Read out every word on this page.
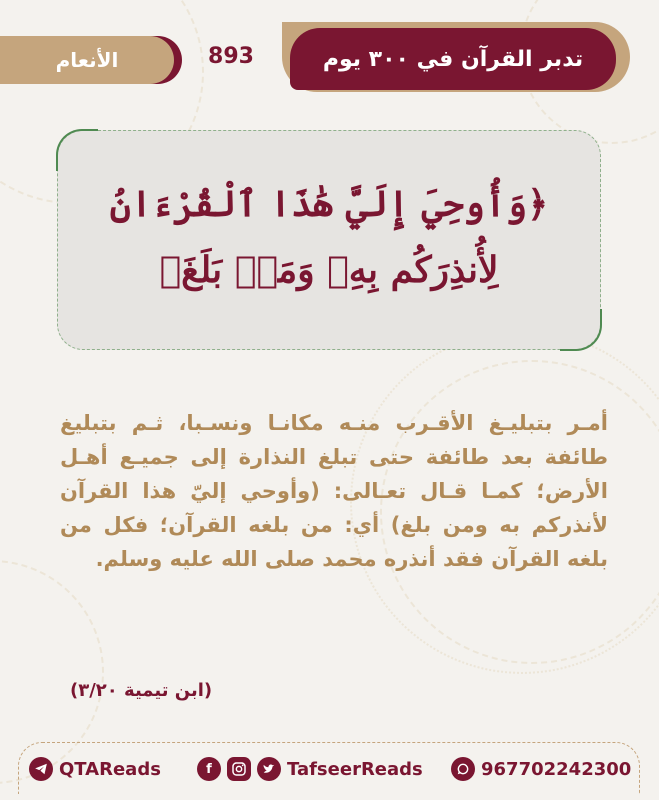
تدبر القرآن في ٣٠٠ يوم
893
الأنعام
﴿وَأُوحِيَ إِلَيَّ هَٰذَا ٱلْقُرْءَانُ
لِأُنذِرَكُم بِهِۦ وَمَنۢ بَلَغَ﴾
أمـر بتبليـغ الأقـرب منـه مكانـا ونسـبا، ثـم بتبليغ طائفة بعد طائفة حتى تبلغ النذارة إلى جميـع أهـل الأرض؛ كمـا قـال تعـالى: (وأوحي إليّ هذا القرآن لأنذركم به ومن بلغ) أي: من بلغه القرآن؛ فكل من بلغه القرآن فقد أنذره محمد صلى الله عليه وسلم.
(ابن تيمية ٣/٢٠)
QTAReads	f	TafseerReads	967702242300
